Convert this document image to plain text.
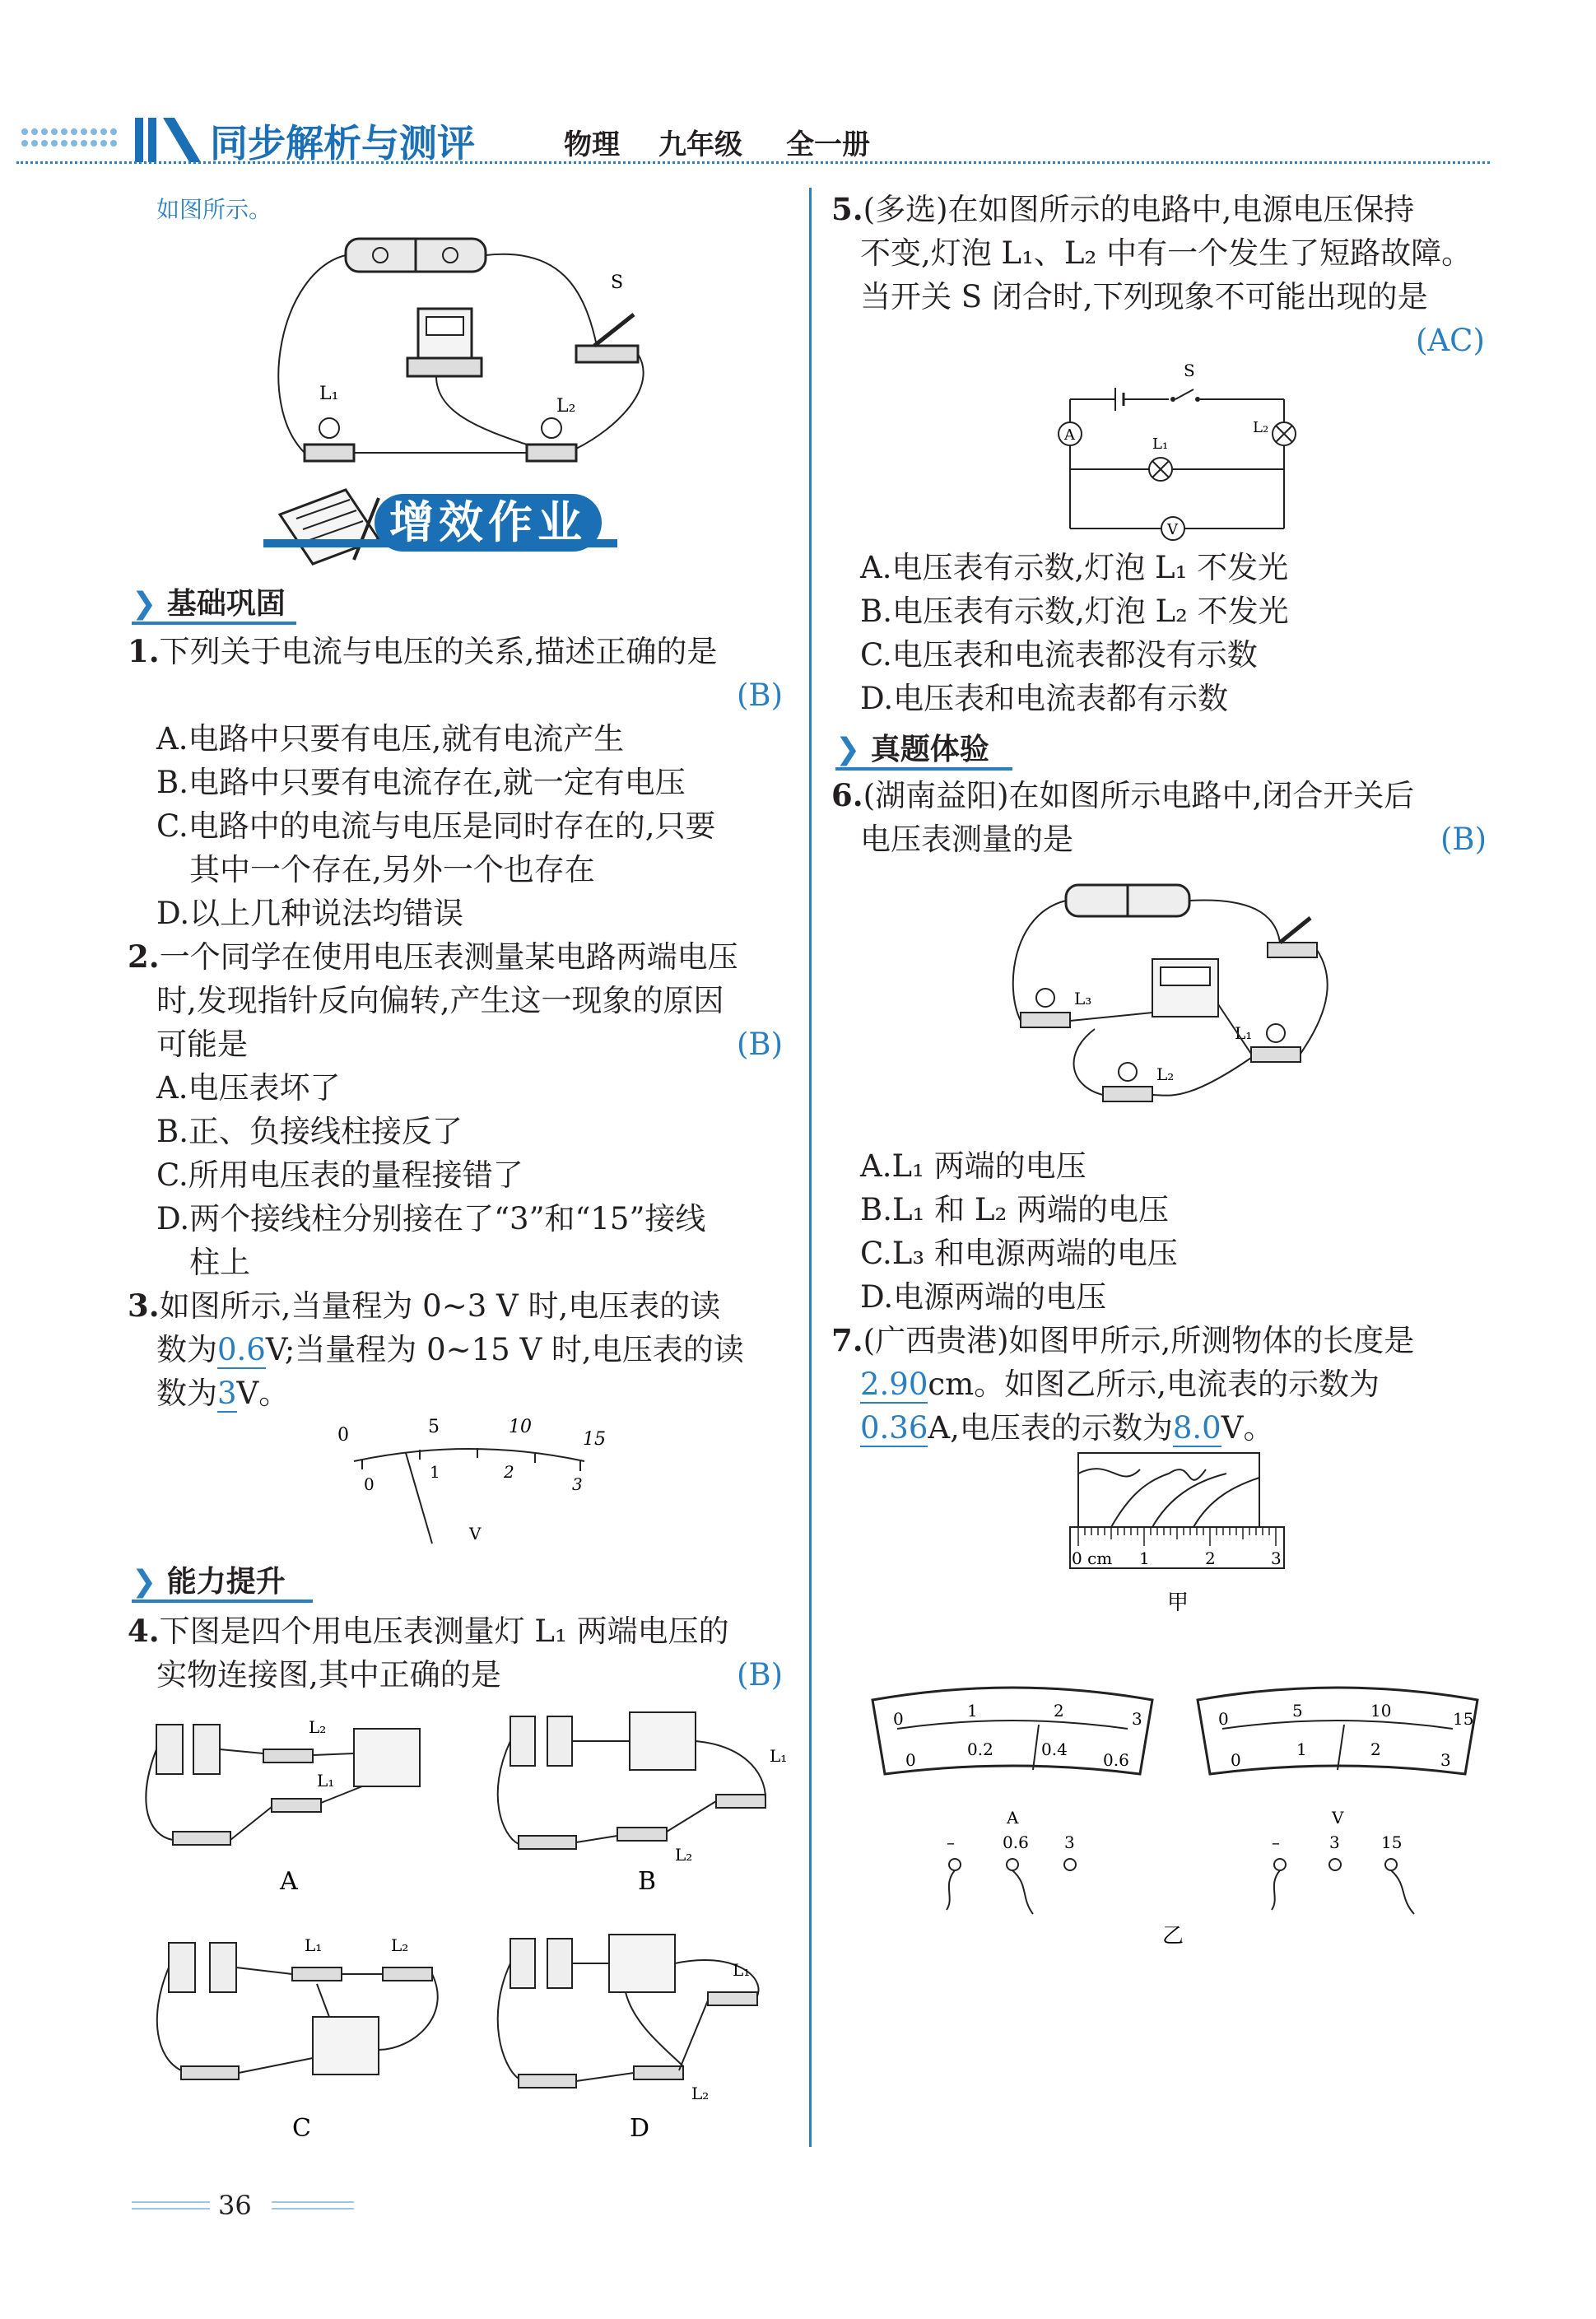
同步解析与测评	物理 九年级 全一册
如图所示。
S
L₁
L₂
增效作业
❯ 基础巩固
1.下列关于电流与电压的关系,描述正确的是
(B)
A.电路中只要有电压,就有电流产生
B.电路中只要有电流存在,就一定有电压
C.电路中的电流与电压是同时存在的,只要
其中一个存在,另外一个也存在
D.以上几种说法均错误
2.一个同学在使用电压表测量某电路两端电压
时,发现指针反向偏转,产生这一现象的原因
可能是	(B)
A.电压表坏了
B.正、负接线柱接反了
C.所用电压表的量程接错了
D.两个接线柱分别接在了“3”和“15”接线
柱上
3.如图所示,当量程为 0~3 V 时,电压表的读
数为0.6V;当量程为 0~15 V 时,电压表的读
数为3V。
0	5	10
15
0
1	2
3
V
❯ 能力提升
4.下图是四个用电压表测量灯 L₁ 两端电压的
实物连接图,其中正确的是	(B)
L₂
L₁
A
L₁
L₂
B
L₁	L₂
C
L₁
L₂
D
36
5.(多选)在如图所示的电路中,电源电压保持
不变,灯泡 L₁、L₂ 中有一个发生了短路故障。
当开关 S 闭合时,下列现象不可能出现的是
(AC)
S
A	L₂
L₁
V
A.电压表有示数,灯泡 L₁ 不发光
B.电压表有示数,灯泡 L₂ 不发光
C.电压表和电流表都没有示数
D.电压表和电流表都有示数
❯ 真题体验
6.(湖南益阳)在如图所示电路中,闭合开关后
电压表测量的是	(B)
L₃
L₁
L₂
A.L₁ 两端的电压
B.L₁ 和 L₂ 两端的电压
C.L₃ 和电源两端的电压
D.电源两端的电压
7.(广西贵港)如图甲所示,所测物体的长度是
2.90cm。如图乙所示,电流表的示数为
0.36A,电压表的示数为8.0V。
0 cm 1	2	3
甲
0	1	2	3
0
0.2	0.4
0.6
A
–	0.6 3
0	5	10	15
0
1	2
3
V
–	3	15
乙
